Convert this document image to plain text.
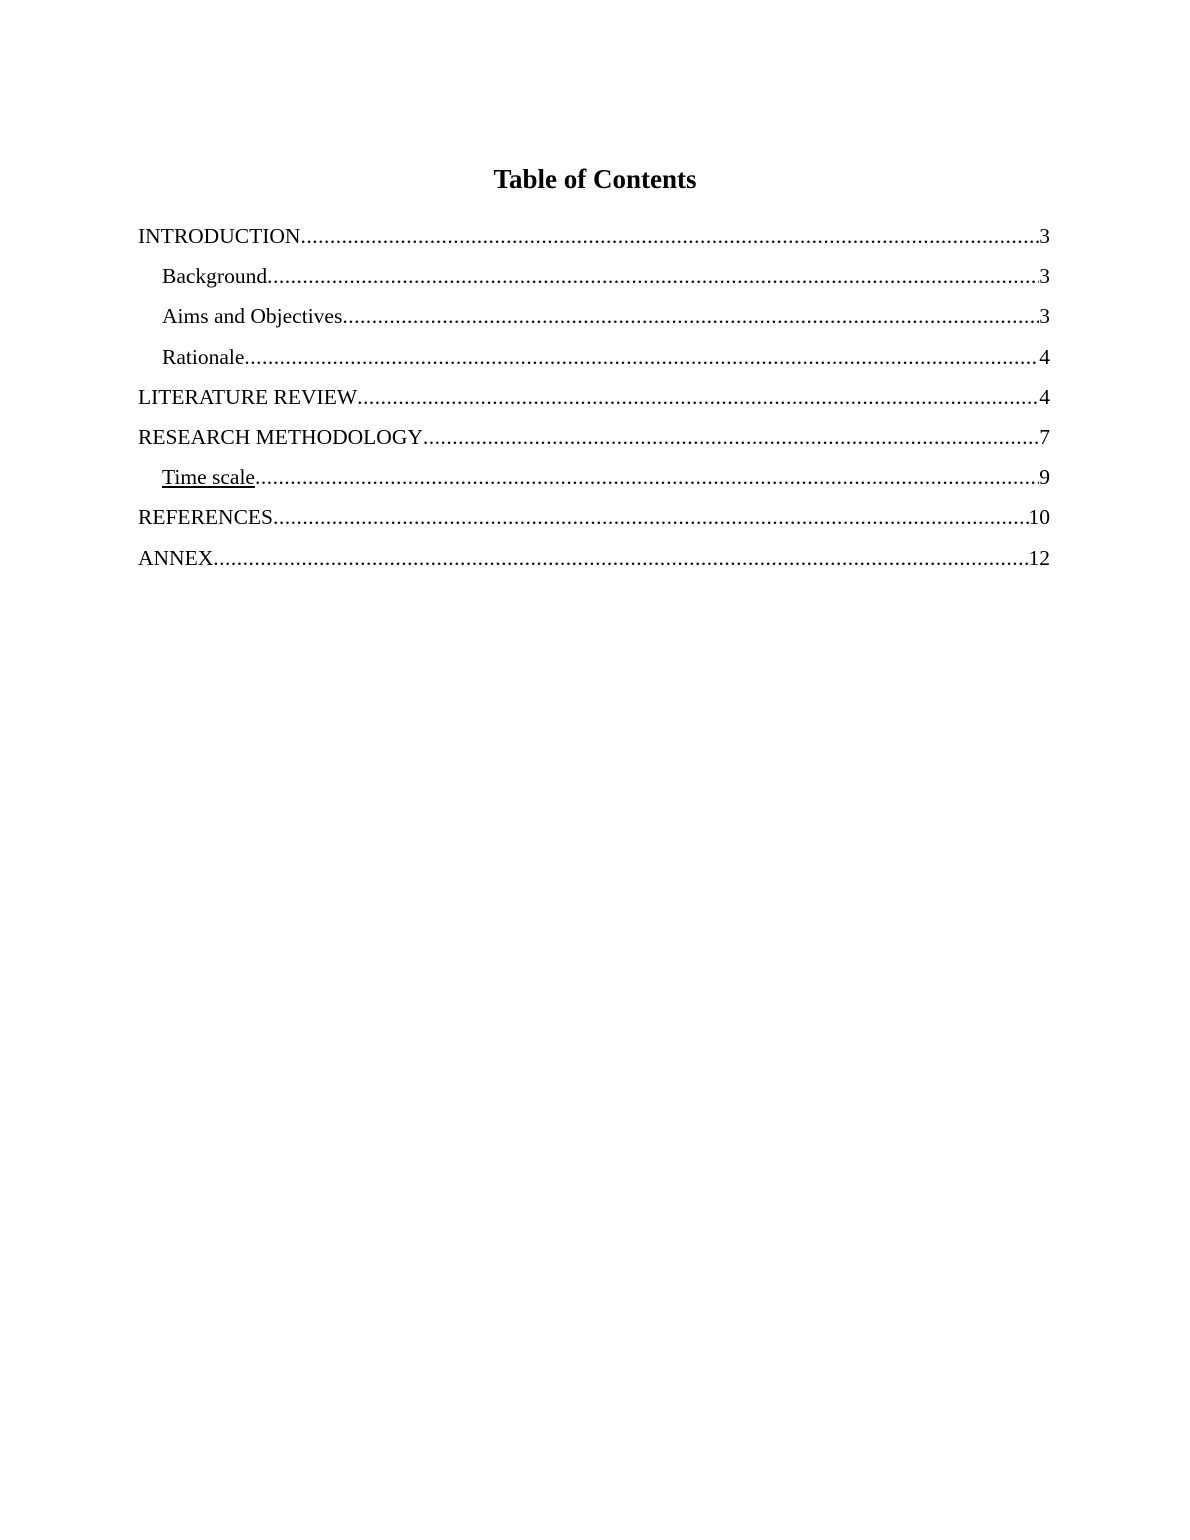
Table of Contents
INTRODUCTION .....	3
Background .....	3
Aims and Objectives .....	3
Rationale .....	4
LITERATURE REVIEW .....	4
RESEARCH METHODOLOGY .....	7
Time scale .....	9
REFERENCES .....	10
ANNEX .....	12
